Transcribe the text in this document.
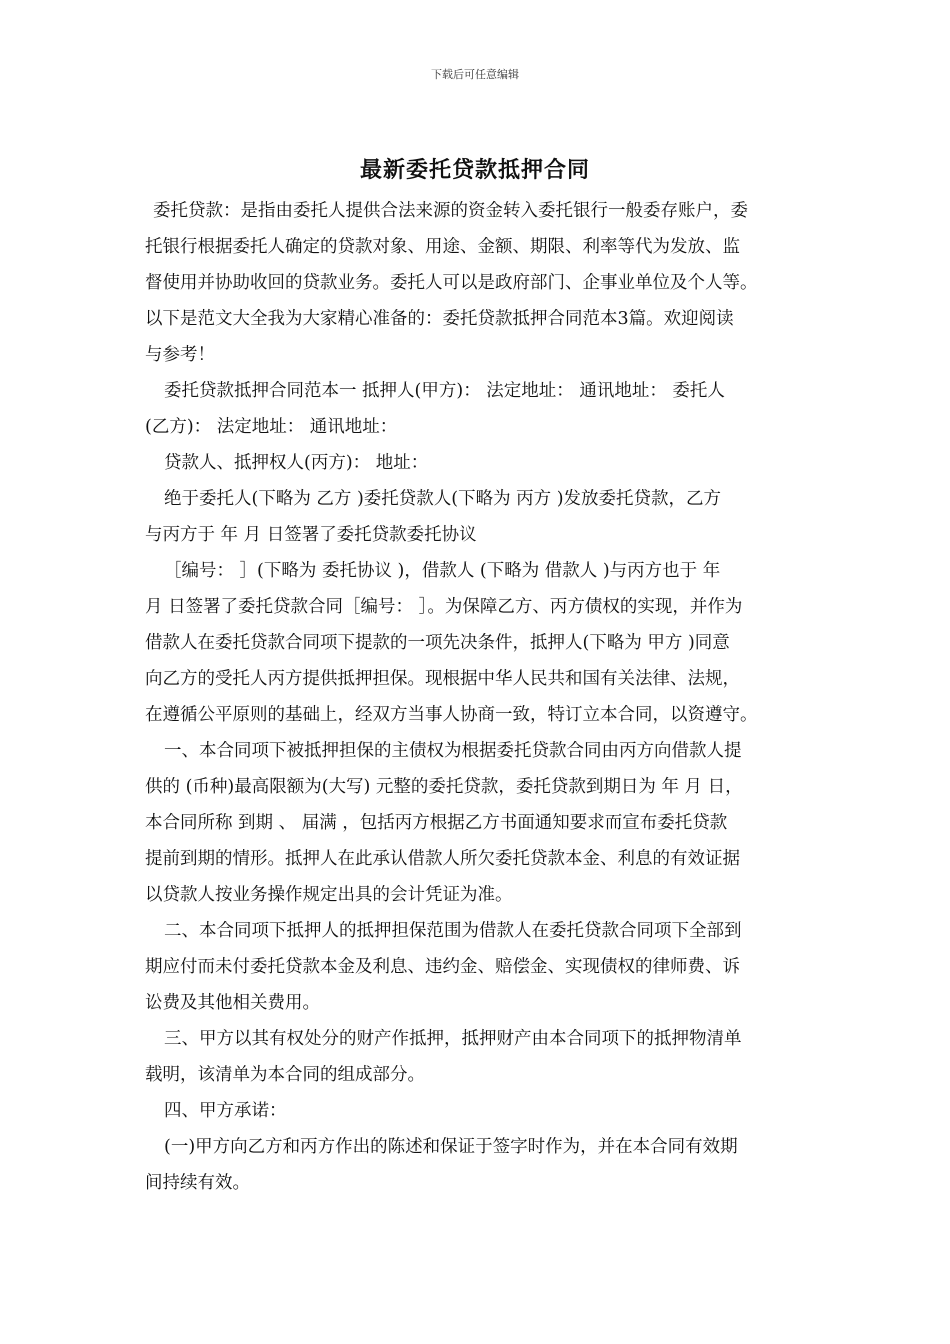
下载后可任意编辑
最新委托贷款抵押合同
委托贷款：是指由委托人提供合法来源的资金转入委托银行一般委存账户，委
托银行根据委托人确定的贷款对象、用途、金额、期限、利率等代为发放、监
督使用并协助收回的贷款业务。委托人可以是政府部门、企事业单位及个人等。
以下是范文大全我为大家精心准备的：委托贷款抵押合同范本3篇。欢迎阅读
与参考！
委托贷款抵押合同范本一 抵押人(甲方)： 法定地址： 通讯地址： 委托人
(乙方)： 法定地址： 通讯地址：
贷款人、抵押权人(丙方)： 地址：
绝于委托人(下略为 乙方 )委托贷款人(下略为 丙方 )发放委托贷款，乙方
与丙方于 年 月 日签署了委托贷款委托协议
［编号： ］(下略为 委托协议 )，借款人 (下略为 借款人 )与丙方也于 年
月 日签署了委托贷款合同［编号： ］。为保障乙方、丙方债权的实现，并作为
借款人在委托贷款合同项下提款的一项先决条件，抵押人(下略为 甲方 )同意
向乙方的受托人丙方提供抵押担保。现根据中华人民共和国有关法律、法规，
在遵循公平原则的基础上，经双方当事人协商一致，特订立本合同，以资遵守。
一、本合同项下被抵押担保的主债权为根据委托贷款合同由丙方向借款人提
供的 (币种)最高限额为(大写) 元整的委托贷款，委托贷款到期日为 年 月 日，
本合同所称 到期 、 届满 ，包括丙方根据乙方书面通知要求而宣布委托贷款
提前到期的情形。抵押人在此承认借款人所欠委托贷款本金、利息的有效证据
以贷款人按业务操作规定出具的会计凭证为准。
二、本合同项下抵押人的抵押担保范围为借款人在委托贷款合同项下全部到
期应付而未付委托贷款本金及利息、违约金、赔偿金、实现债权的律师费、诉
讼费及其他相关费用。
三、甲方以其有权处分的财产作抵押，抵押财产由本合同项下的抵押物清单
载明，该清单为本合同的组成部分。
四、甲方承诺：
(一)甲方向乙方和丙方作出的陈述和保证于签字时作为，并在本合同有效期
间持续有效。
